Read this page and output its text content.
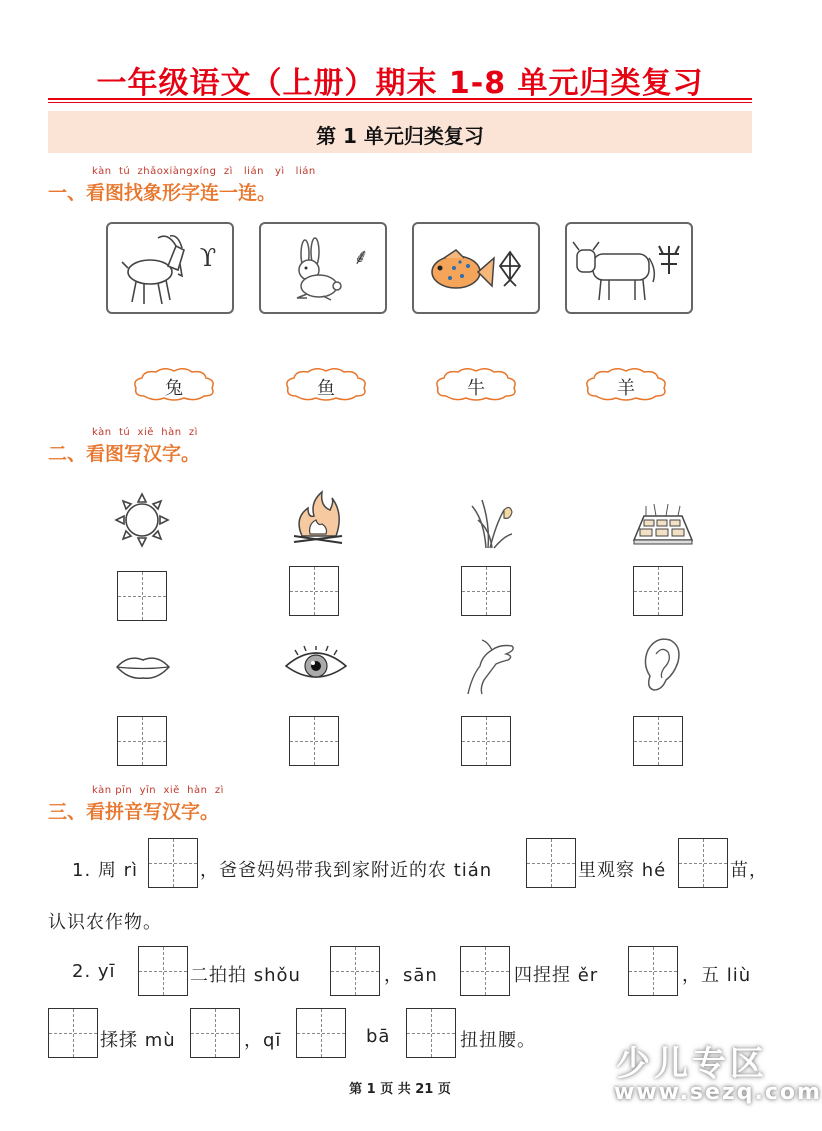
一年级语文（上册）期末 1-8 单元归类复习
第 1 单元归类复习
kàn  tú  zhǎoxiàngxíng  zì   lián   yì   lián
一、看图找象形字连一连。
ϒ	⸙
兔	鱼	牛	羊
kàn  tú  xiě  hàn  zì
二、看图写汉字。
kàn pīn  yīn  xiě  hàn  zì
三、看拼音写汉字。
1. 周 rì	，爸爸妈妈带我到家附近的农 tián	里观察 hé	苗，
认识农作物。
2. yī	二拍拍 shǒu	，sān	四捏捏 ěr	，五 liù
揉揉 mù	，qī	bā	扭扭腰。
少儿专区
www.sezq.com
第 1 页 共 21 页
